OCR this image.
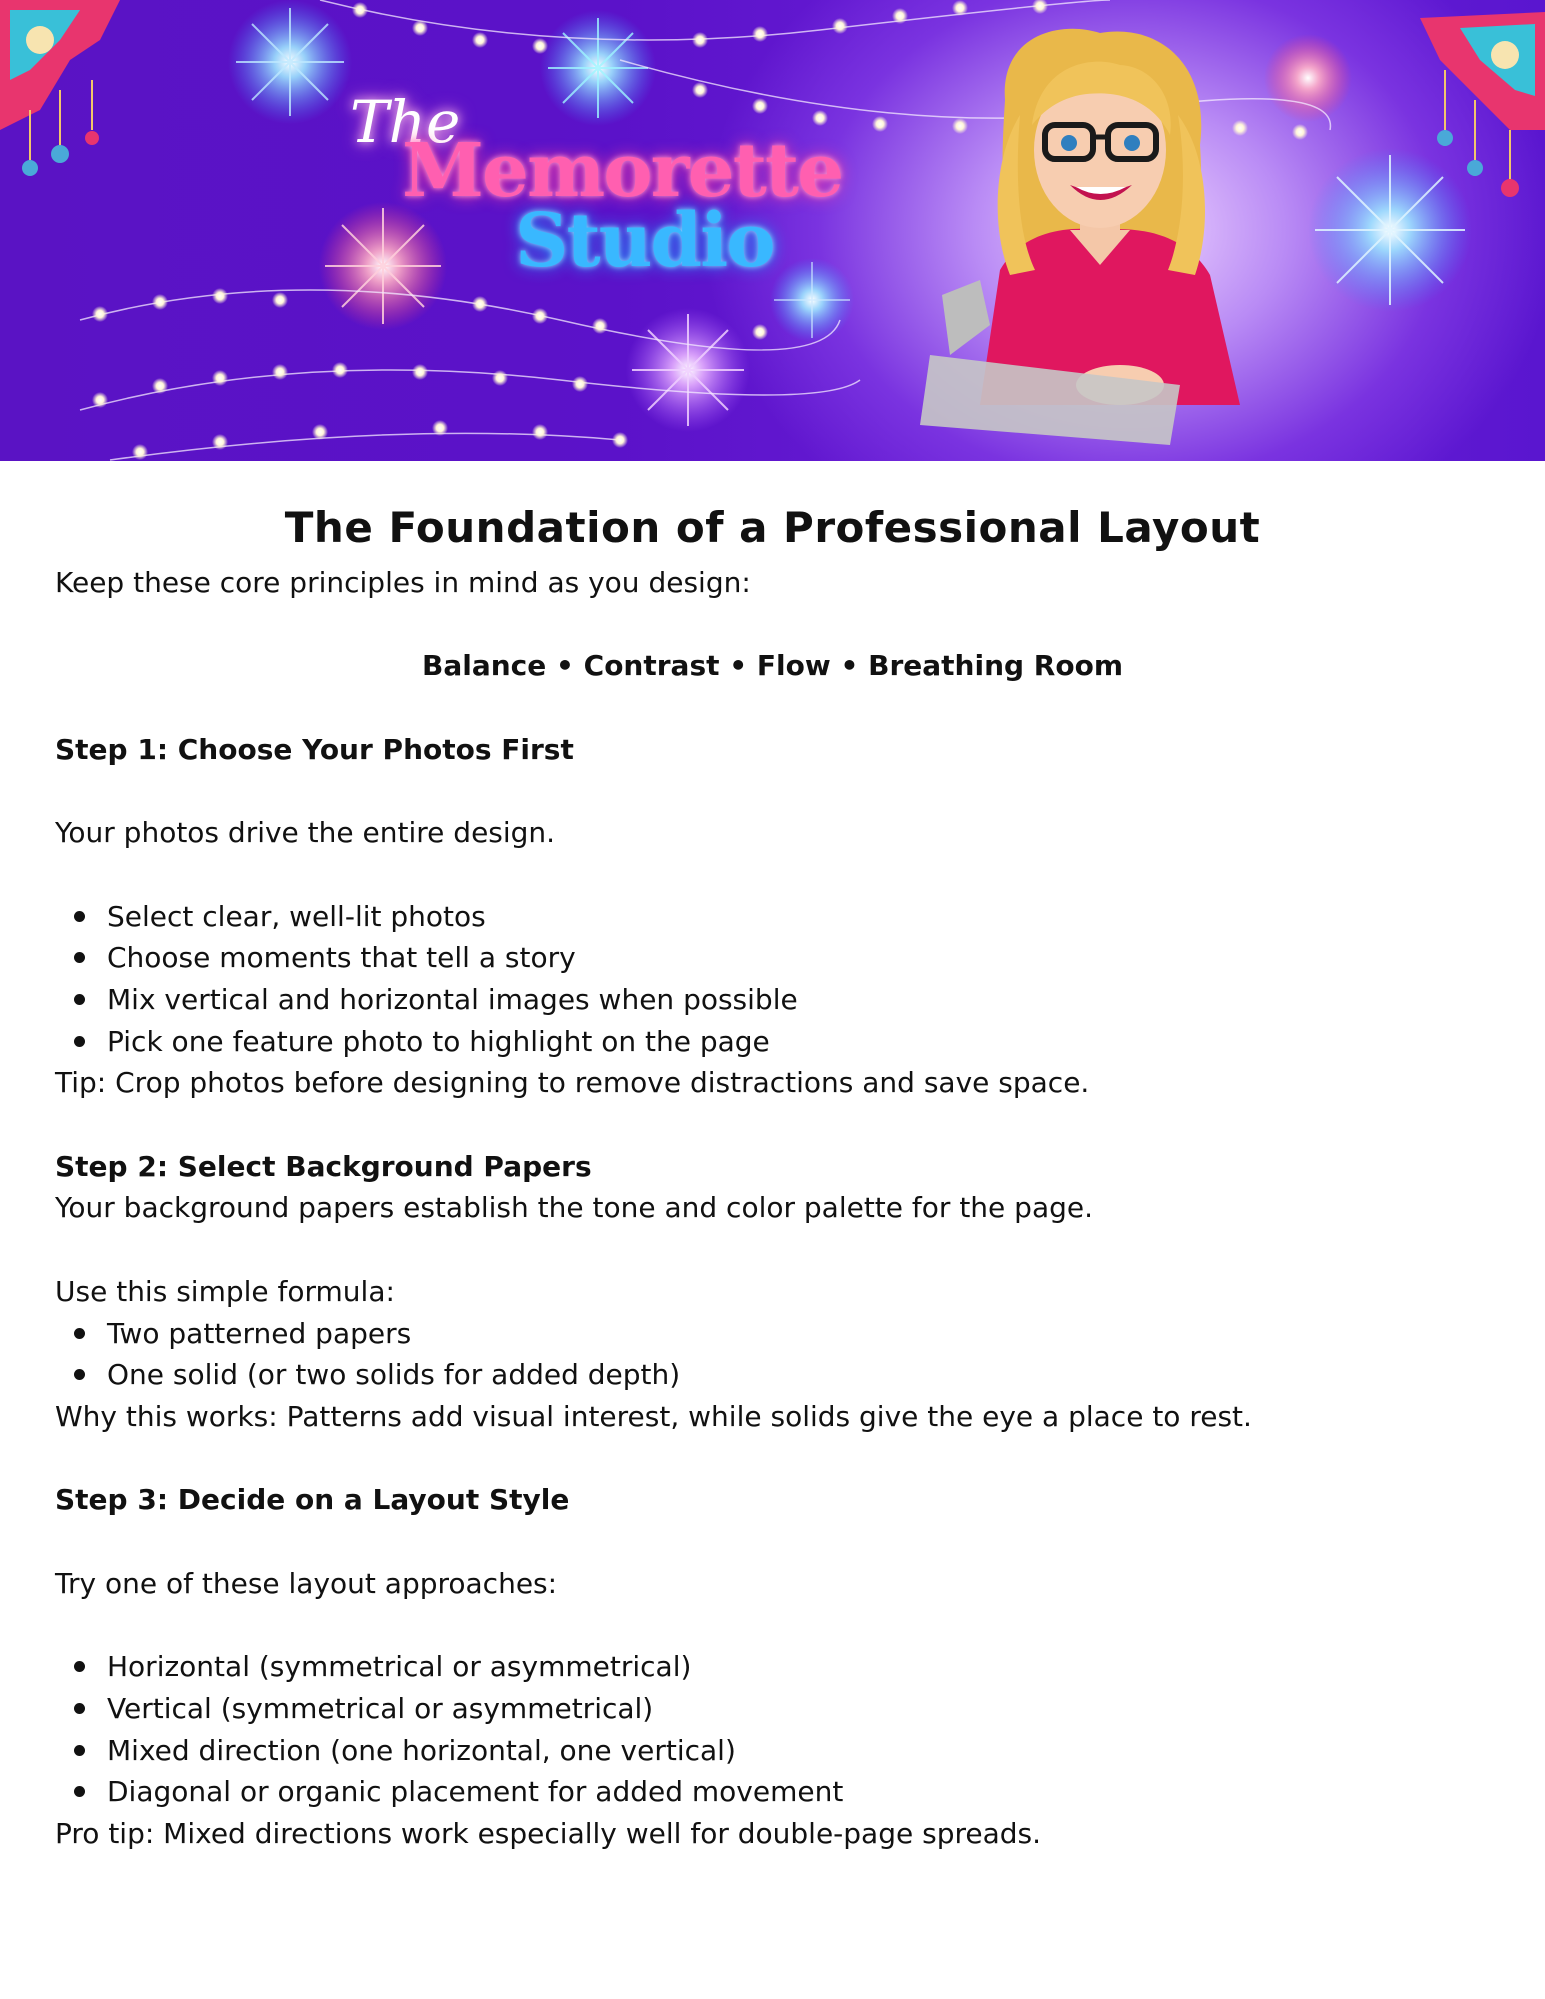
The
Memorette
Studio
The Foundation of a Professional Layout

Keep these core principles in mind as you design:

Balance • Contrast • Flow • Breathing Room

Step 1: Choose Your Photos First

Your photos drive the entire design.

Select clear, well-lit photos
Choose moments that tell a story
Mix vertical and horizontal images when possible
Pick one feature photo to highlight on the page

Tip: Crop photos before designing to remove distractions and save space.

Step 2: Select Background Papers

Your background papers establish the tone and color palette for the page.

Use this simple formula:

Two patterned papers
One solid (or two solids for added depth)

Why this works: Patterns add visual interest, while solids give the eye a place to rest.

Step 3: Decide on a Layout Style

Try one of these layout approaches:

Horizontal (symmetrical or asymmetrical)
Vertical (symmetrical or asymmetrical)
Mixed direction (one horizontal, one vertical)
Diagonal or organic placement for added movement

Pro tip: Mixed directions work especially well for double-page spreads.
